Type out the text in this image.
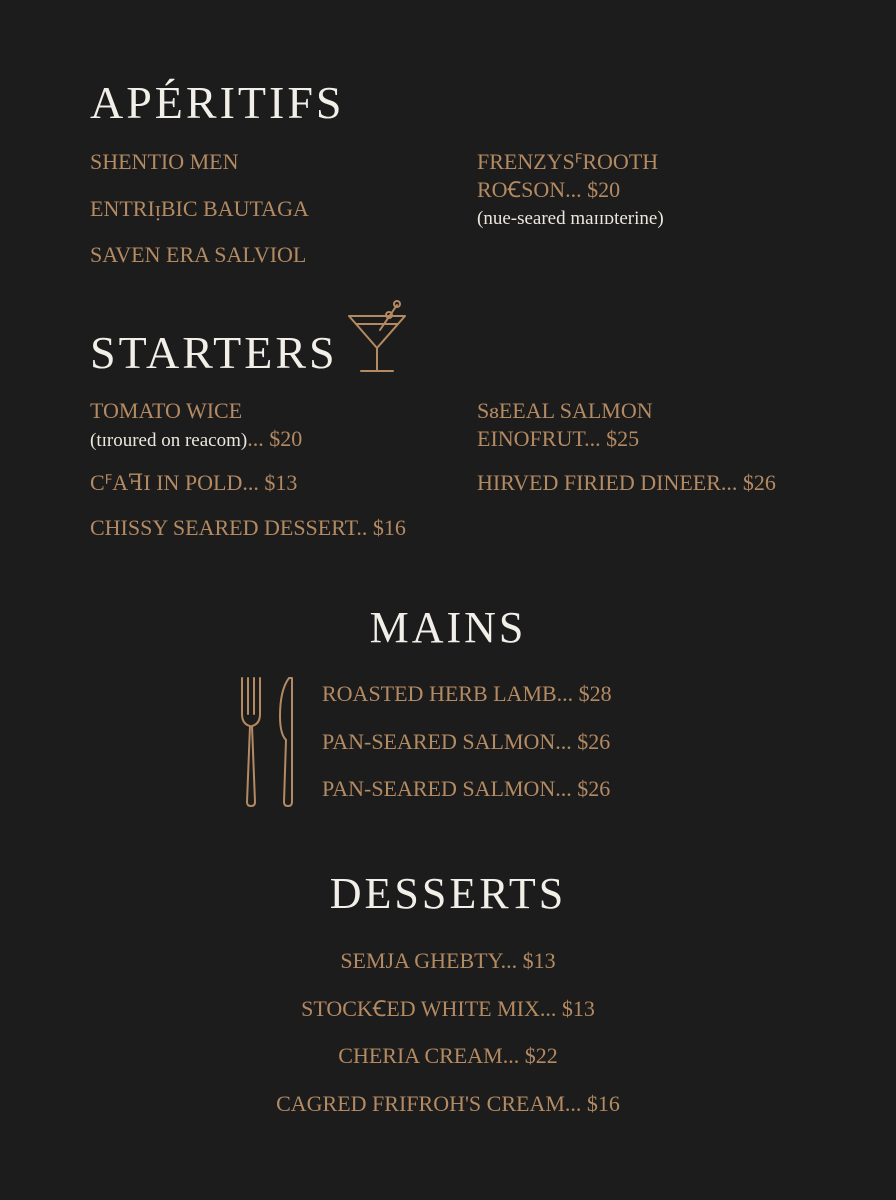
APÉRITIFS
SHENTIO MEN
ENTRIᴉBIC BAUTAGA
SAVEN ERA SALVIOL
FRENZYSꟳROOTH
ROꞒSON... $20
(nue-seared maɪɪᴅterine)
STARTERS
TOMATO WICE
(tɪroured on reacom)... $20
CꟳAꟻI IN POLD... $13
CHISSY SEARED DESSERT.. $16
SᴕEEAL SALMON
EINOFRUT... $25
HIRVED FIRIED DINEER... $26
MAINS
ROASTED HERB LAMB... $28
PAN-SEARED SALMON... $26
PAN-SEARED SALMON... $26
DESSERTS
SEMJA GHEBTY... $13
STOCKꞒED WHITE MIX... $13
CHERIA CREAM... $22
CAGRED FRIFROH'S CREAM... $16
